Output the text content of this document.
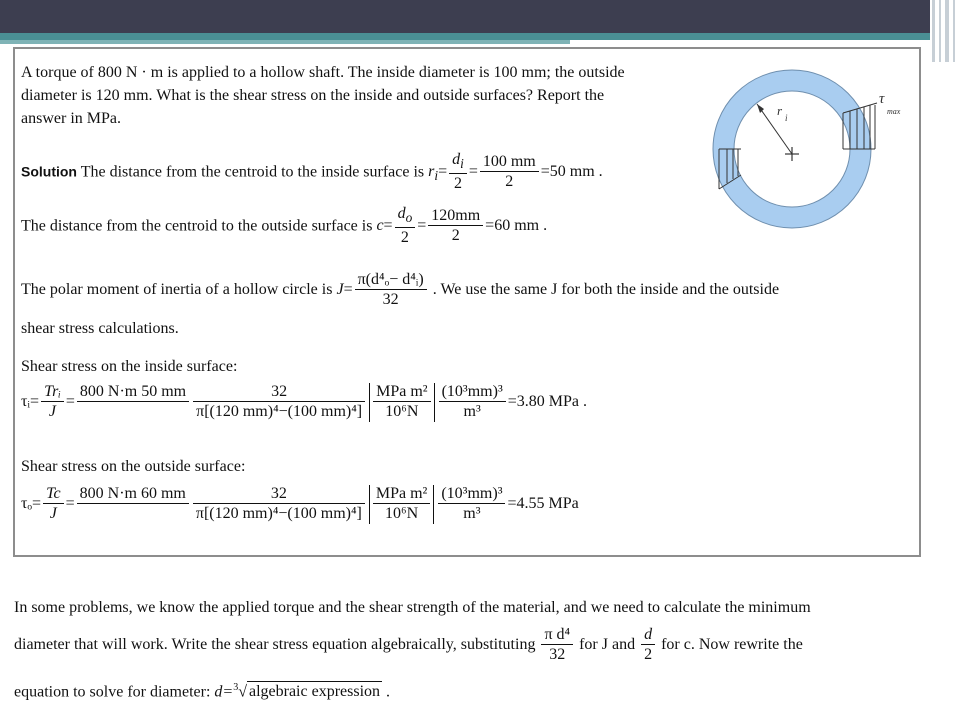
A torque of 800 N · m is applied to a hollow shaft. The inside diameter is 100 mm; the outside
diameter is 120 mm. What is the shear stress on the inside and outside surfaces? Report the
answer in MPa.
Solution The distance from the centroid to the inside surface is $r_i= \frac{d_i}{2} = \frac{100 mm}{2} =50$ mm .
The distance from the centroid to the outside surface is $c= \frac{d_o}{2} = \frac{120mm}{2} =60$ mm .
The polar moment of inertia of a hollow circle is $J= \frac{\text{π(d⁴ₒ− d⁴ᵢ)}}{32}$ . We use the same J for both the inside and the outside
shear stress calculations.
Shear stress on the inside surface:
τᵢ= $\frac{\text{Trᵢ}}{J}$ =
800 N·m 50 mm
$\frac{32}{\text{π[(120 mm)⁴−(100 mm)⁴]}} \frac{\text{MPa m²}}{\text{10⁶N}} \frac{\text{(10³mm)³}}{\text{m³}} =3.80$ MPa .
Shear stress on the outside surface:
$\tau_o= \frac{Tc}{J}$ =
800 N·m 60 mm
$\frac{32}{\text{π[(120 mm)⁴−(100 mm)⁴]}} \frac{\text{MPa m²}}{\text{10⁶N}} \frac{\text{(10³mm)³}}{\text{m³}} =4.55$ MPa
r i
τ
max
In some problems, we know the applied torque and the shear strength of the material, and we need to calculate the minimum
diameter that will work. Write the shear stress equation algebraically, substituting $\frac{\text{π d⁴}}{32}$ for J and $\frac{d}{2}$ for c. Now rewrite the
equation to solve for diameter: d=$^3$√ algebraic expression .
